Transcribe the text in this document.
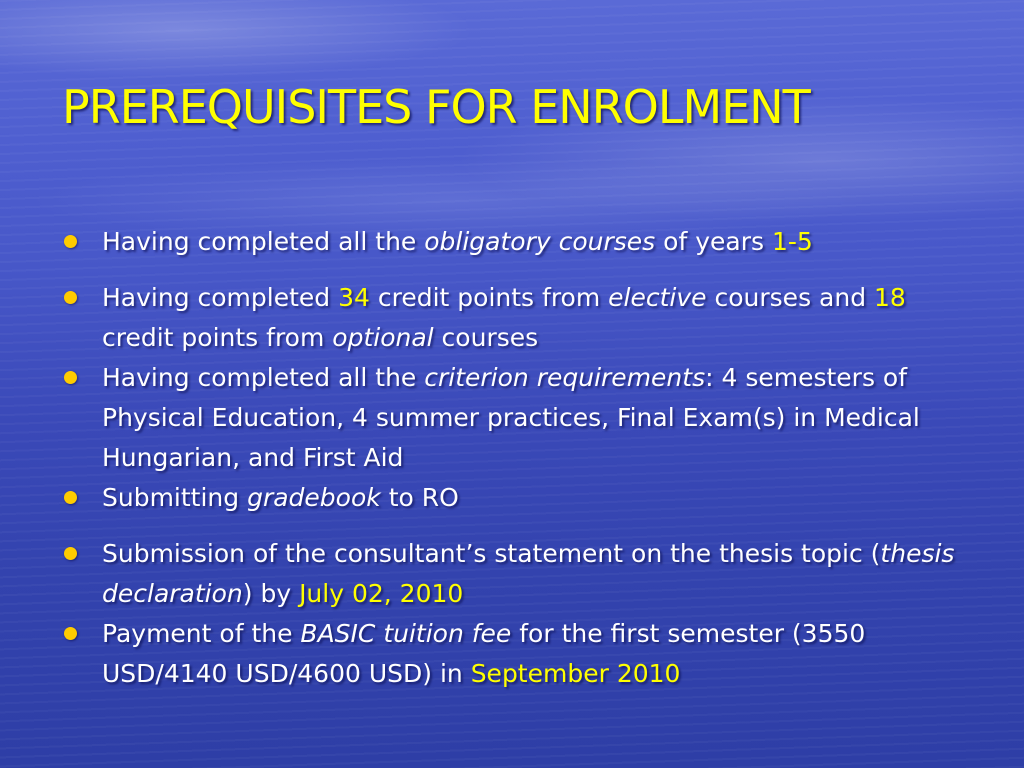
PREREQUISITES FOR ENROLMENT
Having completed all the obligatory courses of years 1-5
Having completed 34 credit points from elective courses and 18 credit points from optional courses
Having completed all the criterion requirements: 4 semesters of Physical Education, 4 summer practices, Final Exam(s) in Medical Hungarian, and First Aid
Submitting gradebook to RO
Submission of the consultant’s statement on the thesis topic (thesis declaration) by July 02, 2010
Payment of the BASIC tuition fee for the first semester (3550 USD/4140 USD/4600 USD) in September 2010
